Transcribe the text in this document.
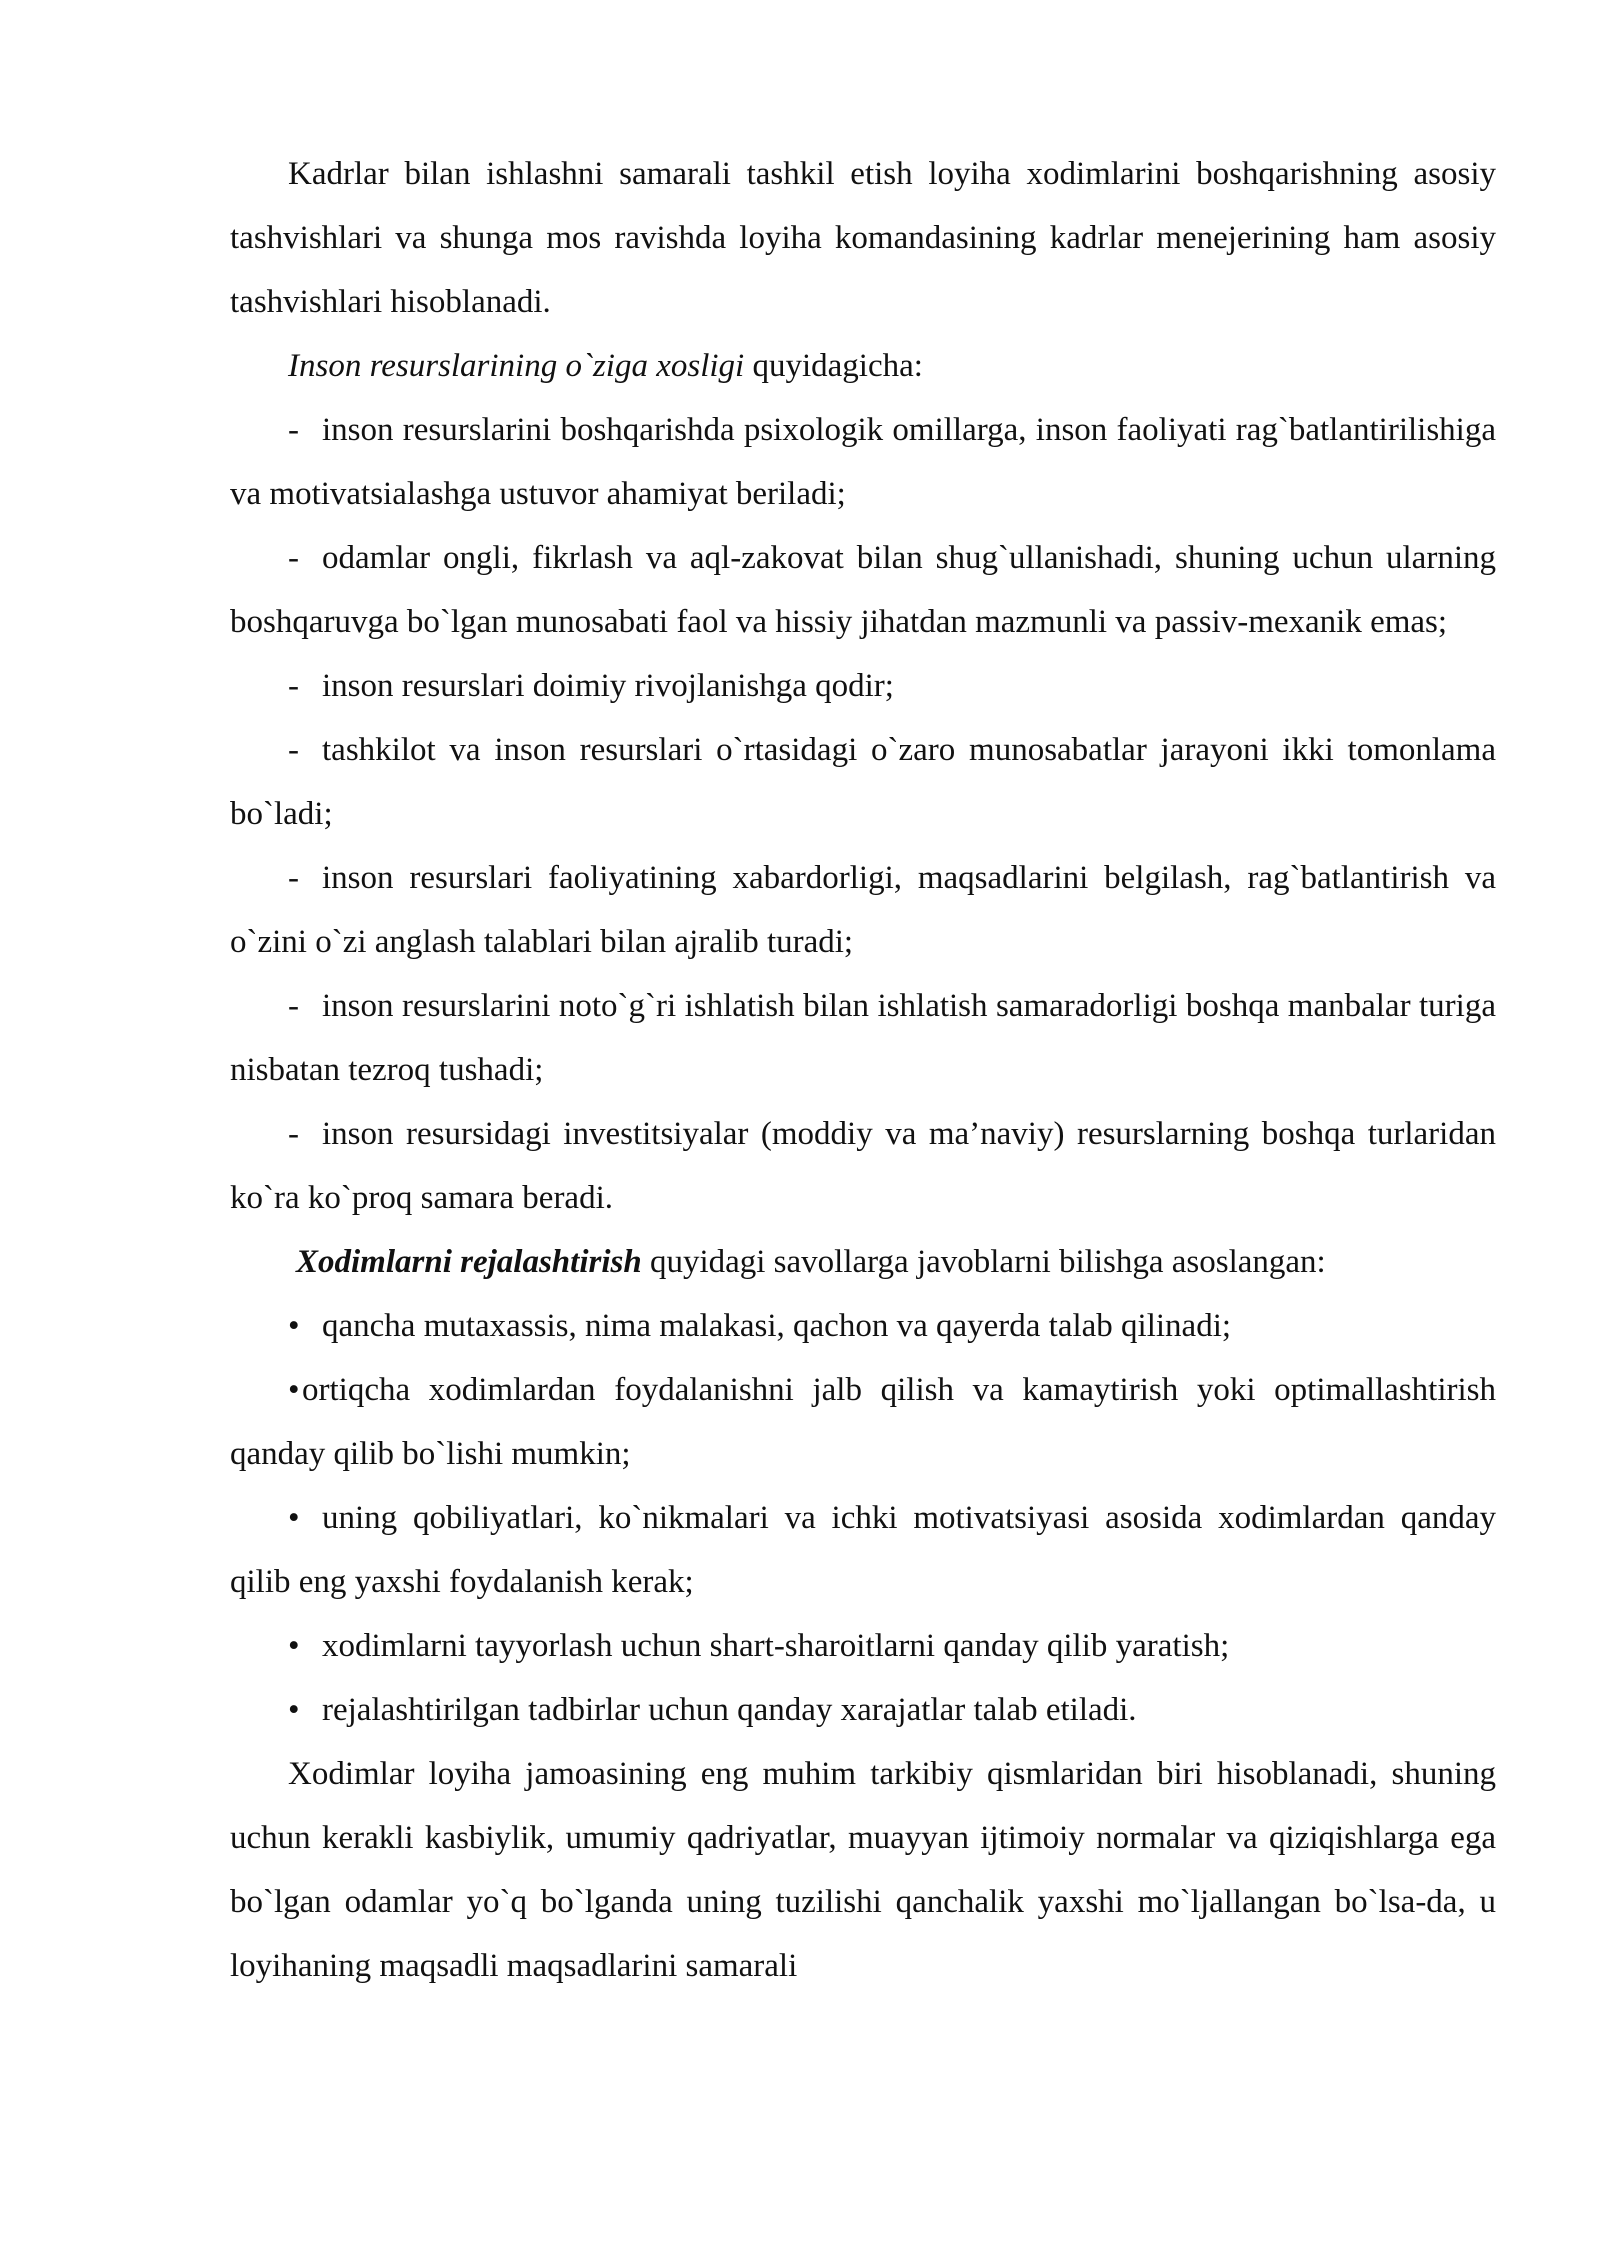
Kadrlar bilan ishlashni samarali tashkil etish loyiha xodimlarini boshqarishning asosiy tashvishlari va shunga mos ravishda loyiha komandasining kadrlar menejerining ham asosiy tashvishlari hisoblanadi.

Inson resurslarining o`ziga xosligi quyidagicha:

- inson resurslarini boshqarishda psixologik omillarga, inson faoliyati rag`batlantirilishiga va motivatsialashga ustuvor ahamiyat beriladi;

- odamlar ongli, fikrlash va aql-zakovat bilan shug`ullanishadi, shuning uchun ularning boshqaruvga bo`lgan munosabati faol va hissiy jihatdan mazmunli va passiv-mexanik emas;

- inson resurslari doimiy rivojlanishga qodir;

- tashkilot va inson resurslari o`rtasidagi o`zaro munosabatlar jarayoni ikki tomonlama bo`ladi;

- inson resurslari faoliyatining xabardorligi, maqsadlarini belgilash, rag`batlantirish va o`zini o`zi anglash talablari bilan ajralib turadi;

- inson resurslarini noto`g`ri ishlatish bilan ishlatish samaradorligi boshqa manbalar turiga nisbatan tezroq tushadi;

- inson resursidagi investitsiyalar (moddiy va ma’naviy) resurslarning boshqa turlaridan ko`ra ko`proq samara beradi.

Xodimlarni rejalashtirish quyidagi savollarga javoblarni bilishga asoslangan:

• qancha mutaxassis, nima malakasi, qachon va qayerda talab qilinadi;

•ortiqcha xodimlardan foydalanishni jalb qilish va kamaytirish yoki optimallashtirish qanday qilib bo`lishi mumkin;

• uning qobiliyatlari, ko`nikmalari va ichki motivatsiyasi asosida xodimlardan qanday qilib eng yaxshi foydalanish kerak;

• xodimlarni tayyorlash uchun shart-sharoitlarni qanday qilib yaratish;

• rejalashtirilgan tadbirlar uchun qanday xarajatlar talab etiladi.

Xodimlar loyiha jamoasining eng muhim tarkibiy qismlaridan biri hisoblanadi, shuning uchun kerakli kasbiylik, umumiy qadriyatlar, muayyan ijtimoiy normalar va qiziqishlarga ega bo`lgan odamlar yo`q bo`lganda uning tuzilishi qanchalik yaxshi mo`ljallangan bo`lsa-da, u loyihaning maqsadli maqsadlarini samarali
